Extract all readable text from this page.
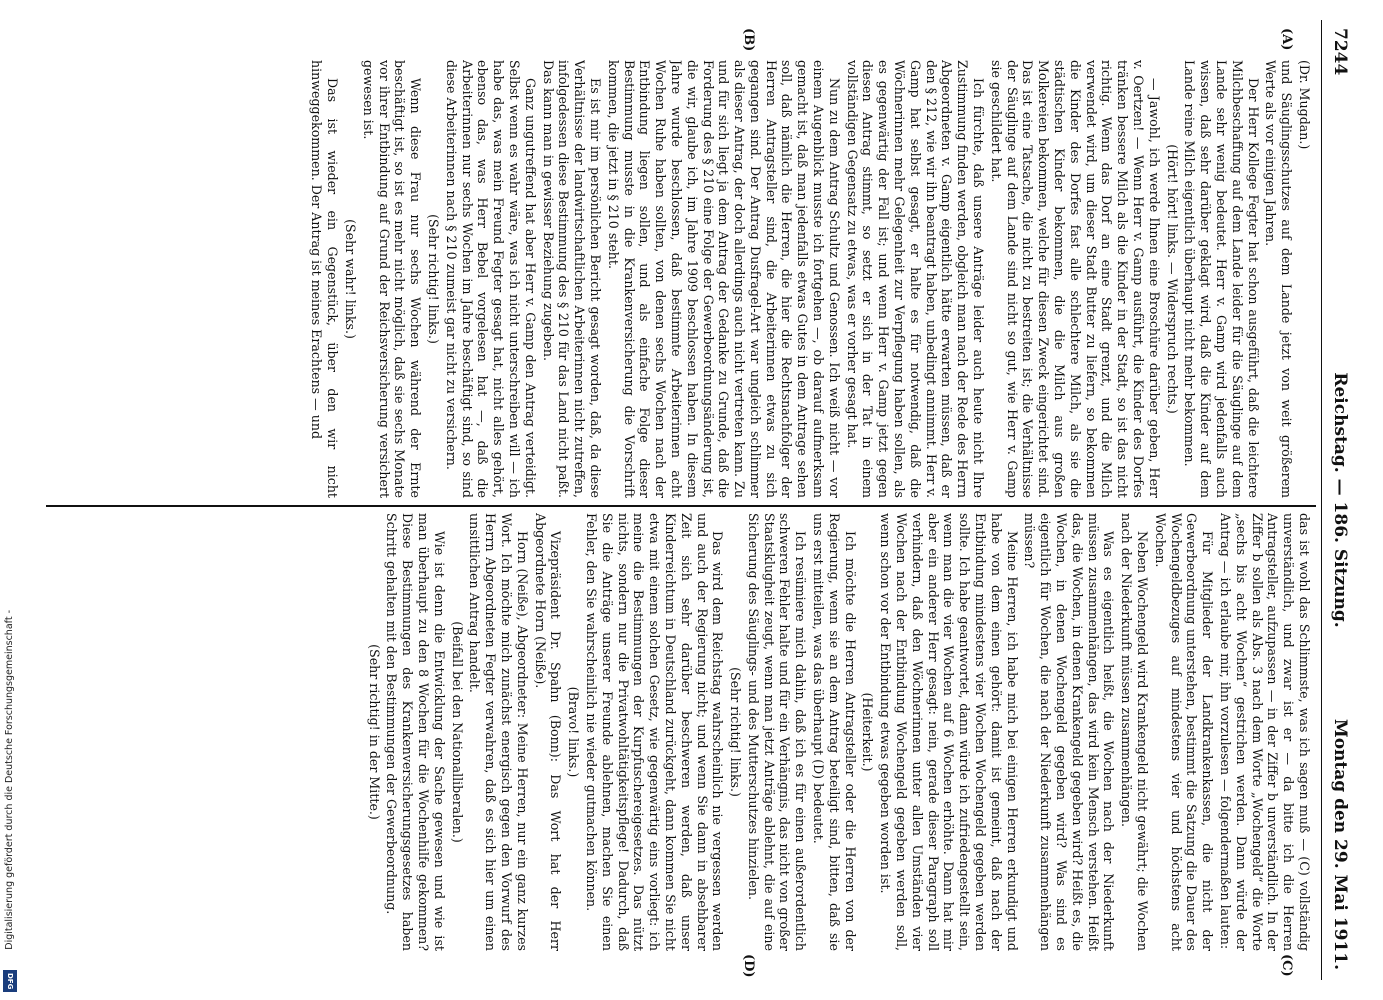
7244
Reichstag. — 186. Sitzung.
Montag den 29. Mai 1911.
(A)
(B)
(C)
(D)

(Dr. Mugdan.)

und Säuglingsschutzes auf dem Lande jetzt von weit größerem Werte als vor einigen Jahren.

Der Herr Kollege Fegter hat schon ausgeführt, daß die leichtere Milchbeschaffung auf dem Lande leider für die Säuglinge auf dem Lande sehr wenig bedeutet. Herr v. Gamp wird jedenfalls auch wissen, daß sehr darüber geklagt wird, daß die Kinder auf dem Lande reine Milch eigentlich überhaupt nicht mehr bekommen.

(Hört! hört! links. — Widerspruch rechts.)

— Jawohl, ich werde Ihnen eine Broschüre darüber geben, Herr v. Oertzen! — Wenn Herr v. Gamp ausführt, die Kinder des Dorfes tränken bessere Milch als die Kinder in der Stadt, so ist das nicht richtig. Wenn das Dorf an eine Stadt grenzt, und die Milch verwendet wird, um dieser Stadt Butter zu liefern, so bekommen die Kinder des Dorfes fast alle schlechtere Milch, als sie die städtischen Kinder bekommen, die die Milch aus großen Molkereien bekommen, welche für diesen Zweck eingerichtet sind. Das ist eine Tatsache, die nicht zu bestreiten ist; die Verhältnisse der Säuglinge auf dem Lande sind nicht so gut, wie Herr v. Gamp sie geschildert hat.

Ich fürchte, daß unsere Anträge leider auch heute nicht Ihre Zustimmung finden werden, obgleich man nach der Rede des Herrn Abgeordneten v. Gamp eigentlich hätte erwarten müssen, daß er den § 212, wie wir ihn beantragt haben, unbedingt annimmt. Herr v. Gamp hat selbst gesagt, er halte es für notwendig, daß die Wöchnerinnen mehr Gelegenheit zur Verpflegung haben sollen, als es gegenwärtig der Fall ist; und wenn Herr v. Gamp jetzt gegen diesen Antrag stimmt, so setzt er sich in der Tat in einem vollständigen Gegensatz zu etwas, was er vorher gesagt hat.

Nun zu dem Antrag Schultz und Genossen. Ich weiß nicht — vor einem Augenblick musste ich fortgehen —, ob darauf aufmerksam gemacht ist, daß man jedenfalls etwas Gutes in dem Antrage sehen soll, daß nämlich die Herren, die hier die Rechtsnachfolger der Herren Antragsteller sind, die Arbeiterinnen etwas zu sich gegangen sind. Der Antrag Dusfragel-Art war ungleich schlimmer als dieser Antrag, der doch allerdings auch nicht vertreten kann. Zu und für sich liegt ja dem Antrag der Gedanke zu Grunde, daß die Forderung des § 210 eine Folge der Gewerbeordnungsänderung ist, die wir, glaube ich, im Jahre 1909 beschlossen haben. In diesem Jahre wurde beschlossen, daß bestimmte Arbeiterinnen acht Wochen Ruhe haben sollten, von denen sechs Wochen nach der Entbindung liegen sollen, und als einfache Folge dieser Bestimmung musste in die Krankenversicherung die Vorschrift kommen, die jetzt in § 210 steht.

Es ist mir im persönlichen Bericht gesagt worden, daß, da diese Verhältnisse der landwirtschaftlichen Arbeiterinnen nicht zutreffen, infolgedessen diese Bestimmung des § 210 für das Land nicht paßt. Das kann man in gewisser Beziehung zugeben.

Ganz ungutreffend hat aber Herr v. Gamp den Antrag verteidigt. Selbst wenn es wahr wäre, was ich nicht unterschreiben will — ich habe das, was mein Freund Fegter gesagt hat, nicht alles gehört, ebenso das, was Herr Bebel vorgelesen hat —, daß die Arbeiterinnen nur sechs Wochen im Jahre beschäftigt sind, so sind diese Arbeiterinnen nach § 210 zumeist gar nicht zu versichern.

(Sehr richtig! links.)

Wenn diese Frau nur sechs Wochen während der Ernte beschäftigt ist, so ist es mehr nicht möglich, daß sie sechs Monate vor ihrer Entbindung auf Grund der Reichsversicherung versichert gewesen ist.

(Sehr wahr! links.)

Das ist wieder ein Gegenstück, über den wir nicht hinweggekommen. Der Antrag ist meines Erachtens — und

das ist wohl das Schlimmste, was ich sagen muß — (C) vollständig unverständlich, und zwar ist er — da bitte ich die Herren Antragsteller, aufzupassen — in der Ziffer b unverständlich. In der Ziffer b sollen als Abs. 3 nach dem Worte „Wochengeld“ die Worte „sechs bis acht Wochen“ gestrichen werden. Dann würde der Antrag — ich erlaube mir, ihn vorzulesen — folgendermaßen lauten:

Für Mitglieder der Landkrankenkassen, die nicht der Gewerbeordnung unterstehen, bestimmt die Satzung die Dauer des Wochengeldbezuges auf mindestens vier und höchstens acht Wochen.

Neben Wochengeld wird Krankengeld nicht gewährt; die Wochen nach der Niederkunft müssen zusammenhängen.

Was es eigentlich heißt, die Wochen nach der Niederkunft müssen zusammenhängen, das wird kein Mensch verstehen. Heißt das, die Wochen, in denen Krankengeld gegeben wird? Heißt es, die Wochen, in denen Wochengeld gegeben wird? Was sind es eigentlich für Wochen, die nach der Niederkunft zusammenhängen müssen?

Meine Herren, ich habe mich bei einigen Herren erkundigt und habe von dem einen gehört: damit ist gemeint, daß nach der Entbindung mindestens vier Wochen Wochengeld gegeben werden sollte. Ich habe geantwortet, dann würde ich zufriedengestellt sein, wenn man die vier Wochen auf 6 Wochen erhöhte. Dann hat mir aber ein anderer Herr gesagt: nein, gerade dieser Paragraph soll verhindern, daß den Wöchnerinnen unter allen Umständen vier Wochen nach der Entbindung Wochengeld gegeben werden soll, wenn schon vor der Entbindung etwas gegeben worden ist.

(Heiterkeit.)

Ich möchte die Herren Antragsteller oder die Herren von der Regierung, wenn sie an dem Antrag beteiligt sind, bitten, daß sie uns erst mitteilen, was das überhaupt (D) bedeutet.

Ich resümiere mich dahin, daß ich es für einen außerordentlich schweren Fehler halte und für ein Verhängnis, das nicht von großer Staatsklugheit zeugt, wenn man jetzt Anträge ablehnt, die auf eine Sicherung des Säuglings- und des Mutterschutzes hinzielen.

(Sehr richtig! links.)

Das wird dem Reichstag wahrscheinlich nie vergessen werden und auch der Regierung nicht; und wenn Sie dann in absehbarer Zeit sich sehr darüber beschweren werden, daß unser Kinderreichtum in Deutschland zurückgeht, dann kommen Sie nicht etwa mit einem solchen Gesetz, wie gegenwärtig eins vorliegt: ich meine die Bestimmungen der Kurpfuschereigesetzes. Das nützt nichts, sondern nur die Privatwohltätigkeitspflege! Dadurch, daß Sie die Anträge unserer Freunde ablehnen, machen Sie einen Fehler, den Sie wahrscheinlich nie wieder gutmachen können.

(Bravo! links.)

Vizepräsident Dr. Spahn (Bonn): Das Wort hat der Herr Abgeordnete Horn (Neiße).

Horn (Neiße), Abgeordneter: Meine Herren, nur ein ganz kurzes Wort. Ich möchte mich zunächst energisch gegen den Vorwurf des Herrn Abgeordneten Fegter verwahren, daß es sich hier um einen unsittlichen Antrag handelt.

(Beifall bei den Nationalliberalen.)

Wie ist denn die Entwicklung der Sache gewesen und wie ist man überhaupt zu den 8 Wochen für die Wochenhilfe gekommen? Diese Bestimmungen des Krankenversicherungsgesetzes haben Schritt gehalten mit den Bestimmungen der Gewerbeordnung.

(Sehr richtig! in der Mitte.)

Digitalisierung gefördert durch die Deutsche Forschungsgemeinschaft -
DFG
